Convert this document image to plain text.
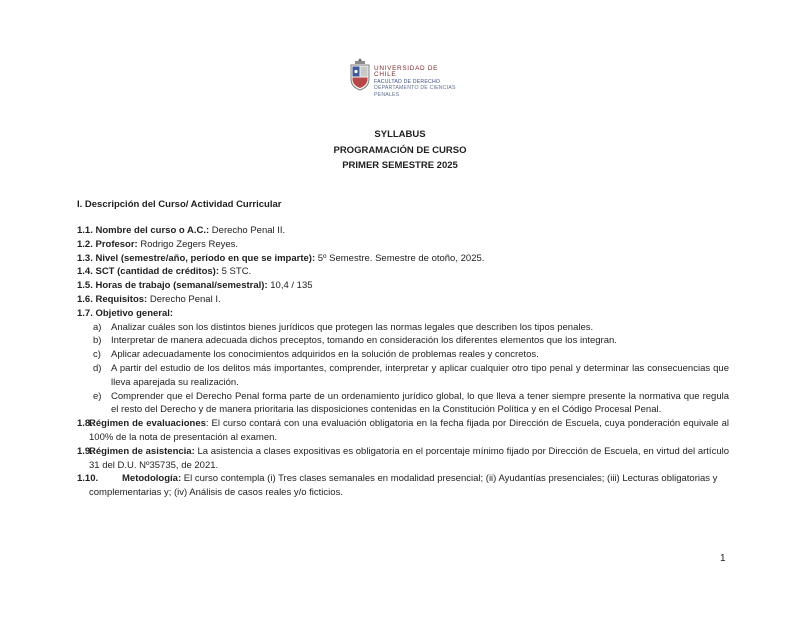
UNIVERSIDAD DE CHILE
FACULTAD DE DERECHO
DEPARTAMENTO DE CIENCIAS PENALES
SYLLABUS
PROGRAMACIÓN DE CURSO
PRIMER SEMESTRE 2025
I. Descripción del Curso/ Actividad Curricular
1.1. Nombre del curso o A.C.: Derecho Penal II.
1.2. Profesor: Rodrigo Zegers Reyes.
1.3. Nivel (semestre/año, período en que se imparte): 5º Semestre. Semestre de otoño, 2025.
1.4. SCT (cantidad de créditos): 5 STC.
1.5. Horas de trabajo (semanal/semestral): 10,4 / 135
1.6. Requisitos: Derecho Penal I.
1.7. Objetivo general:
a) Analizar cuáles son los distintos bienes jurídicos que protegen las normas legales que describen los tipos penales.
b) Interpretar de manera adecuada dichos preceptos, tomando en consideración los diferentes elementos que los integran.
c) Aplicar adecuadamente los conocimientos adquiridos en la solución de problemas reales y concretos.
d) A partir del estudio de los delitos más importantes, comprender, interpretar y aplicar cualquier otro tipo penal y determinar las consecuencias que lleva aparejada su realización.
e) Comprender que el Derecho Penal forma parte de un ordenamiento jurídico global, lo que lleva a tener siempre presente la normativa que regula el resto del Derecho y de manera prioritaria las disposiciones contenidas en la Constitución Política y en el Código Procesal Penal.
1.8.
Régimen de evaluaciones: El curso contará con una evaluación obligatoria en la fecha fijada por Dirección de Escuela, cuya ponderación equivale al 100% de la nota de presentación al examen.
1.9.
Régimen de asistencia: La asistencia a clases expositivas es obligatoria en el porcentaje mínimo fijado por Dirección de Escuela, en virtud del artículo 31 del D.U. Nº35735, de 2021.
1.10.	Metodología: El curso contempla (i) Tres clases semanales en modalidad presencial; (ii) Ayudantías presenciales; (iii) Lecturas obligatorias y complementarias y; (iv) Análisis de casos reales y/o ficticios.
1
